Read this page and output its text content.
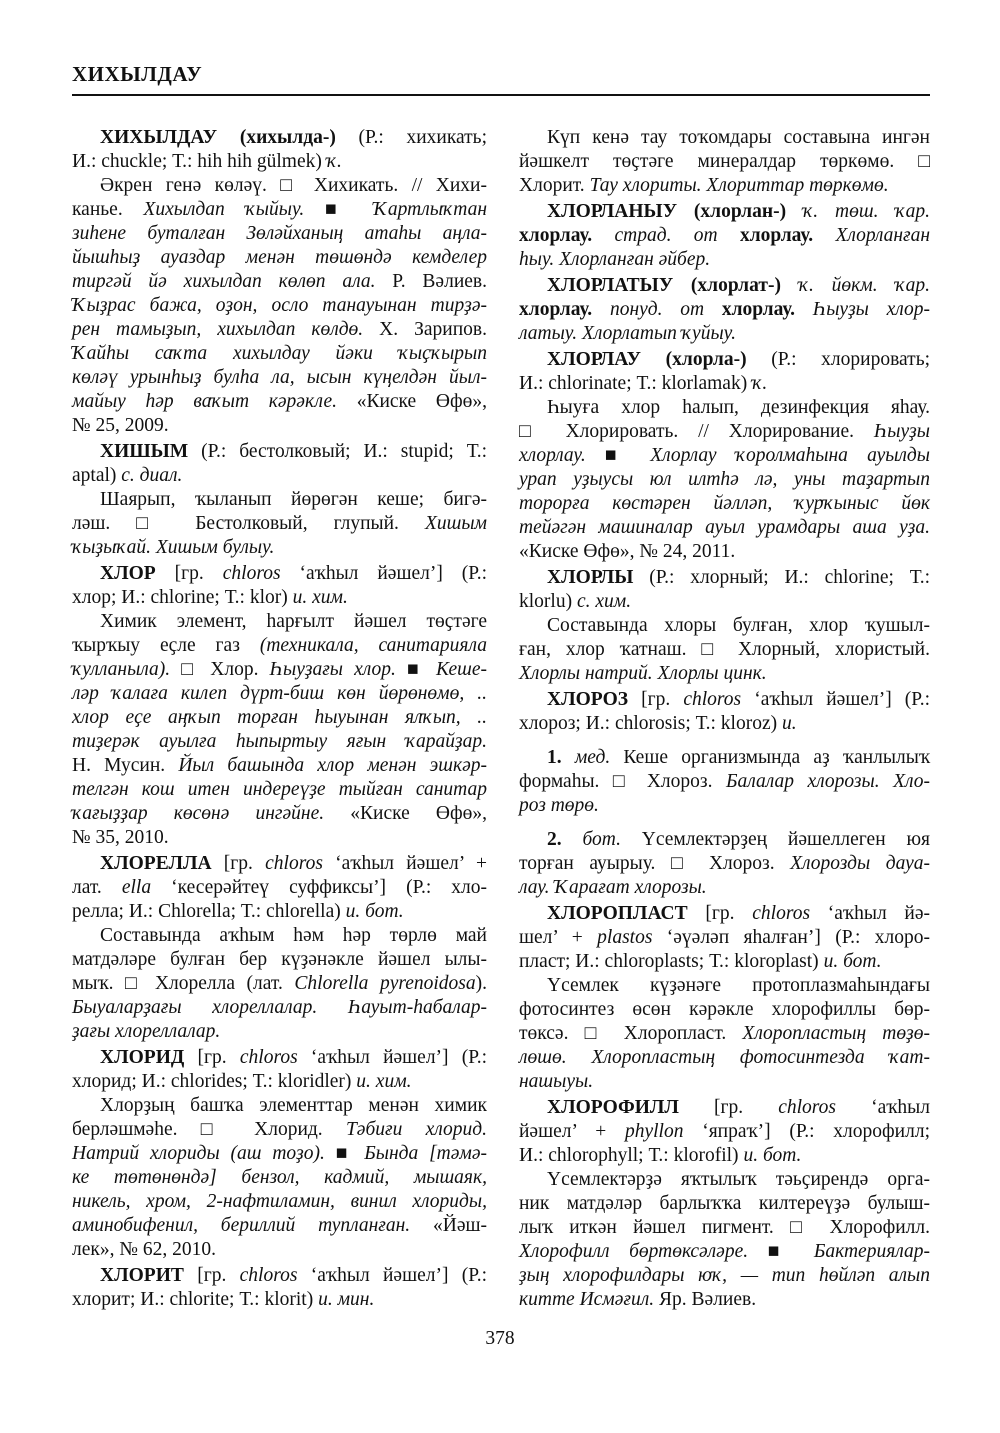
ХИХЫЛДАУ
ХИХЫЛДАУ (хихылда-) (Р.: хихикать;
И.: chuckle; Т.: hih hih gülmek) ҡ.
Әкрен генә көләү. □ Хихикать. // Хихи-
канье. Хихылдап ҡыйыу. ■ Ҡартлыҡтан
зиһене буталған Зөләйханың атаһы аңла-
йышһыҙ ауаздар менән төшөндә кемделер
тиргәй йә хихылдап көлөп ала. Р. Вәлиев.
Ҡыҙрас бажа, оҙон, осло танауынан тирҙә-
рен тамыҙып, хихылдап көлдө. Х. Зарипов.
Ҡайһы саҡта хихылдау йәки ҡыҫҡырып
көләү урынһыҙ булһа ла, ысын күңелдән йыл-
майыу һәр ваҡыт кәрәкле. «Киске Өфө»,
№ 25, 2009.
ХИШЫМ (Р.: бестолковый; И.: stupid; Т.:
aptal) с. диал.
Шаярып, ҡыланып йөрөгән кеше; бигә-
ләш. □ Бестолковый, глупый. Хишым
ҡыҙыҡай. Хишым булыу.
ХЛОР [гр. chloros ‘аҡһыл йәшел’] (Р.:
хлор; И.: chlorine; Т.: klor) и. хим.
Химик элемент, һарғылт йәшел төҫтәге
ҡырҡыу еҫле газ (техникала, санитарияла
ҡулланыла). □ Хлор. Һыуҙағы хлор. ■ Кеше-
ләр ҡалаға килеп дүрт-биш көн йөрөнөмө, ..
хлор еҫе аңҡып торған һыуынан ялҡып, ..
тиҙерәк ауылға һыпыртыу яғын ҡарайҙар.
Н. Мусин. Йыл башында хлор менән эшкәр-
телгән кош итен индереүҙе тыйған санитар
ҡағыҙҙар көсөнә ингәйне. «Киске Өфө»,
№ 35, 2010.
ХЛОРЕЛЛА [гр. chloros ‘аҡһыл йәшел’ +
лат. ella ‘кесерәйтеү суффиксы’] (Р.: хло-
релла; И.: Chlorella; Т.: chlorella) и. бот.
Составында аҡһым һәм һәр төрлө май
матдәләре булған бер күҙәнәкле йәшел ылы-
мыҡ. □ Хлорелла (лат. Chlorella pyrenoidosa).
Быуаларҙағы хлореллалар. Һауыт-һабалар-
ҙағы хлореллалар.
ХЛОРИД [гр. chloros ‘аҡһыл йәшел’] (Р.:
хлорид; И.: chlorides; Т.: kloridler) и. хим.
Хлорҙың башҡа элементтар менән химик
берләшмәһе. □ Хлорид. Тәбиғи хлорид.
Натрий хлориды (аш тоҙо). ■ Бында [тәмә-
ке төтөнөндә] бензол, кадмий, мышаяк,
никель, хром, 2-нафтиламин, винил хлориды,
аминобифенил, бериллий тупланған. «Йәш-
лек», № 62, 2010.
ХЛОРИТ [гр. chloros ‘аҡһыл йәшел’] (Р.:
хлорит; И.: chlorite; Т.: klorit) и. мин.
Күп кенә тау тоҡомдары составына ингән
йәшкелт төҫтәге минералдар төркөмө. □
Хлорит. Тау хлориты. Хлориттар төркөмө.
ХЛОРЛАНЫУ (хлорлан-) ҡ. төш. ҡар.
хлорлау. страд. от хлорлау. Хлорланған
һыу. Хлорланған әйбер.
ХЛОРЛАТЫУ (хлорлат-) ҡ. йөкм. ҡар.
хлорлау. понуд. от хлорлау. Һыуҙы хлор-
латыу. Хлорлатып ҡуйыу.
ХЛОРЛАУ (хлорла-) (Р.: хлорировать;
И.: chlorinate; Т.: klorlamak) ҡ.
Һыуға хлор һалып, дезинфекция яһау.
□ Хлорировать. // Хлорирование. Һыуҙы
хлорлау. ■ Хлорлау ҡоролмаһына ауылды
урап уҙыусы юл илтһә лә, уны таҙартып
торорға көстәрен йәлләп, ҡурҡыныс йөк
тейәгән машиналар ауыл урамдары аша уҙа.
«Киске Өфө», № 24, 2011.
ХЛОРЛЫ (Р.: хлорный; И.: chlorine; Т.:
klorlu) с. хим.
Составында хлоры булған, хлор ҡушыл-
ған, хлор ҡатнаш. □ Хлорный, хлористый.
Хлорлы натрий. Хлорлы цинк.
ХЛОРОЗ [гр. chloros ‘аҡһыл йәшел’] (Р.:
хлороз; И.: chlorosis; Т.: kloroz) и.
1. мед. Кеше организмында аҙ ҡанлылыҡ
формаһы. □ Хлороз. Балалар хлорозы. Хло-
роз төрө.
2. бот. Үсемлектәрҙең йәшеллеген юя
торған ауырыу. □ Хлороз. Хлорозды дауа-
лау. Ҡарағат хлорозы.
ХЛОРОПЛАСТ [гр. chloros ‘аҡһыл йә-
шел’ + plastos ‘әүәләп яһалған’] (Р.: хлоро-
пласт; И.: chloroplasts; Т.: kloroplast) и. бот.
Үсемлек күҙәнәге протоплазмаһындағы
фотосинтез өсөн кәрәкле хлорофиллы бөр-
төксә. □ Хлоропласт. Хлоропластың төҙө-
лөшө. Хлоропластың фотосинтезда ҡат-
нашыуы.
ХЛОРОФИЛЛ [гр. chloros ‘аҡһыл
йәшел’ + phyllon ‘япраҡ’] (Р.: хлорофилл;
И.: chlorophyll; Т.: klorofil) и. бот.
Үсемлектәрҙә яҡтылыҡ тәьҫирендә орга-
ник матдәләр барлыҡҡа килтереүҙә булыш-
лыҡ иткән йәшел пигмент. □ Хлорофилл.
Хлорофилл бөртөксәләре. ■ Бактериялар-
ҙың хлорофилдары юҡ, — тип һөйләп алып
китте Исмәғил. Яр. Вәлиев.
378
